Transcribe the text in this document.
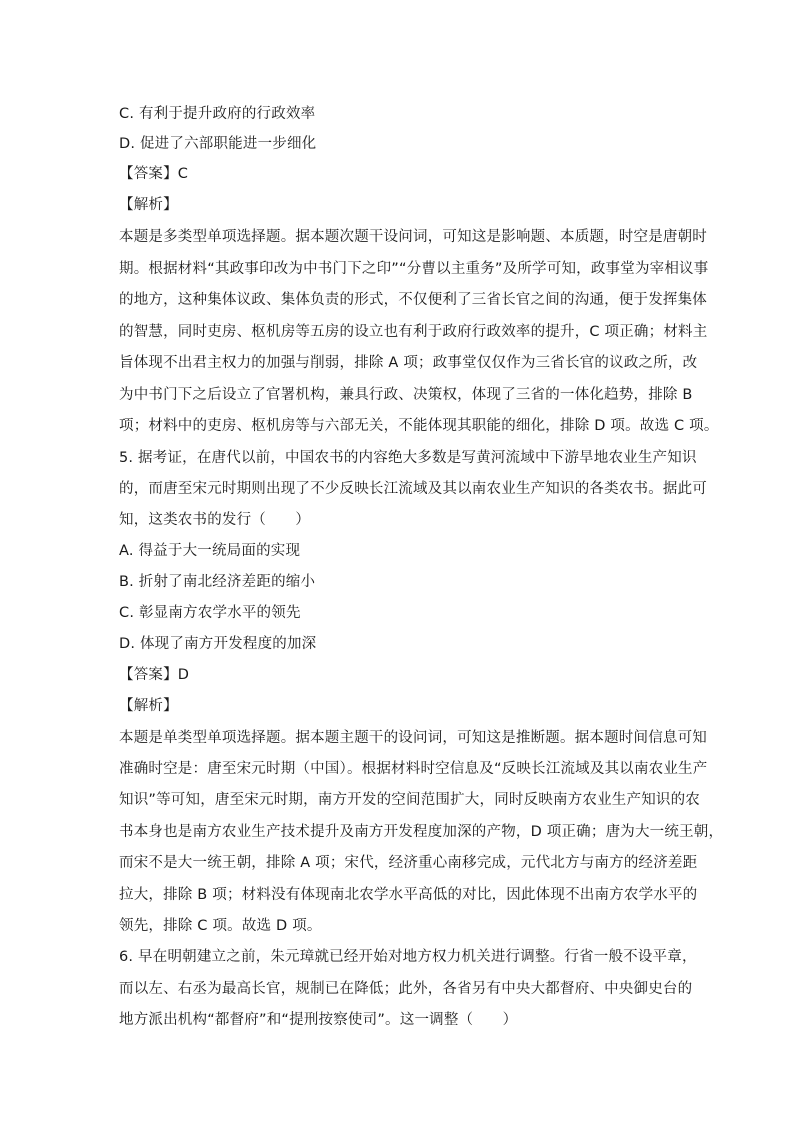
C. 有利于提升政府的行政效率
D. 促进了六部职能进一步细化
【答案】C
【解析】
本题是多类型单项选择题。据本题次题干设问词，可知这是影响题、本质题，时空是唐朝时
期。根据材料“其政事印改为中书门下之印”“分曹以主重务”及所学可知，政事堂为宰相议事
的地方，这种集体议政、集体负责的形式，不仅便利了三省长官之间的沟通，便于发挥集体
的智慧，同时吏房、枢机房等五房的设立也有利于政府行政效率的提升，C 项正确；材料主
旨体现不出君主权力的加强与削弱，排除 A 项；政事堂仅仅作为三省长官的议政之所，改
为中书门下之后设立了官署机构，兼具行政、决策权，体现了三省的一体化趋势，排除 B
项；材料中的吏房、枢机房等与六部无关，不能体现其职能的细化，排除 D 项。故选 C 项。
5. 据考证，在唐代以前，中国农书的内容绝大多数是写黄河流域中下游旱地农业生产知识
的，而唐至宋元时期则出现了不少反映长江流域及其以南农业生产知识的各类农书。据此可
知，这类农书的发行（　　）
A. 得益于大一统局面的实现
B. 折射了南北经济差距的缩小
C. 彰显南方农学水平的领先
D. 体现了南方开发程度的加深
【答案】D
【解析】
本题是单类型单项选择题。据本题主题干的设问词，可知这是推断题。据本题时间信息可知
准确时空是：唐至宋元时期（中国）。根据材料时空信息及“反映长江流域及其以南农业生产
知识”等可知，唐至宋元时期，南方开发的空间范围扩大，同时反映南方农业生产知识的农
书本身也是南方农业生产技术提升及南方开发程度加深的产物，D 项正确；唐为大一统王朝，
而宋不是大一统王朝，排除 A 项；宋代，经济重心南移完成，元代北方与南方的经济差距
拉大，排除 B 项；材料没有体现南北农学水平高低的对比，因此体现不出南方农学水平的
领先，排除 C 项。故选 D 项。
6. 早在明朝建立之前，朱元璋就已经开始对地方权力机关进行调整。行省一般不设平章，
而以左、右丞为最高长官，规制已在降低；此外，各省另有中央大都督府、中央御史台的
地方派出机构“都督府”和“提刑按察使司”。这一调整（　　）
